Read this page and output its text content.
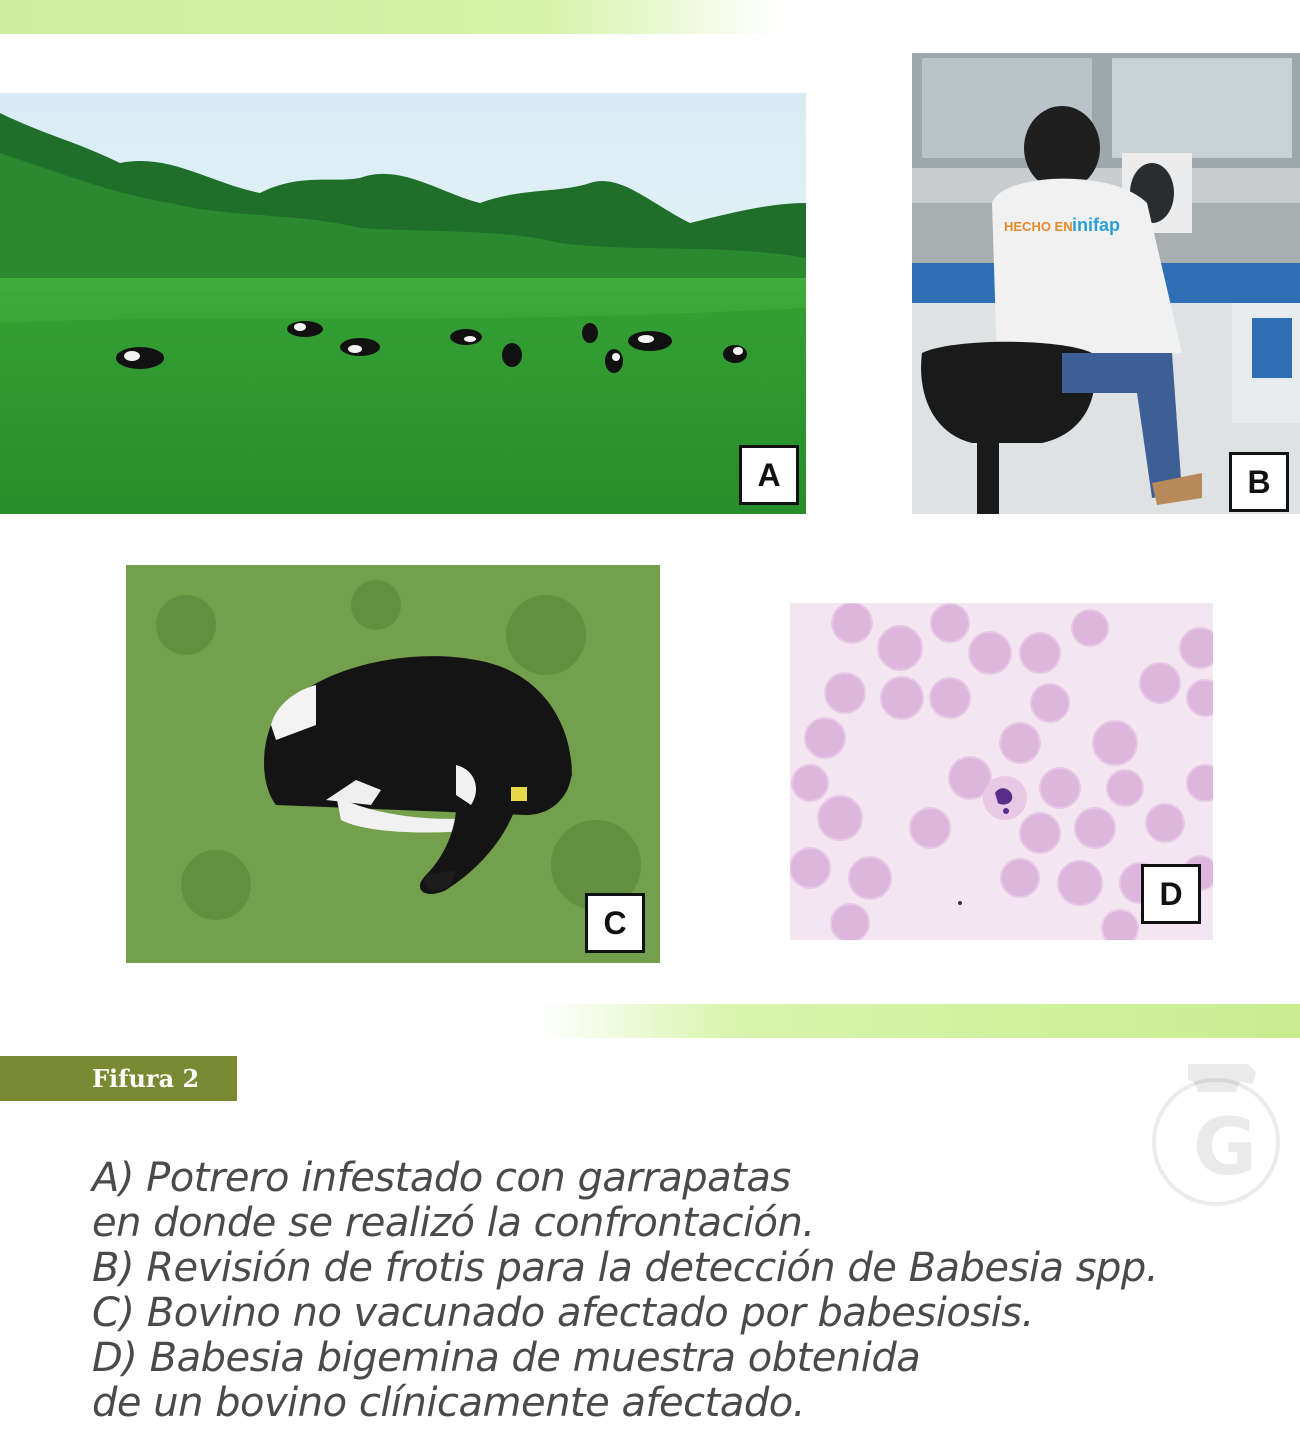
HECHO EN inifap
A	B
C
D
Fifura 2
G
A) Potrero infestado con garrapatas
en donde se realizó la confrontación.
B) Revisión de frotis para la detección de Babesia spp.
C) Bovino no vacunado afectado por babesiosis.
D) Babesia bigemina de muestra obtenida
de un bovino clínicamente afectado.
